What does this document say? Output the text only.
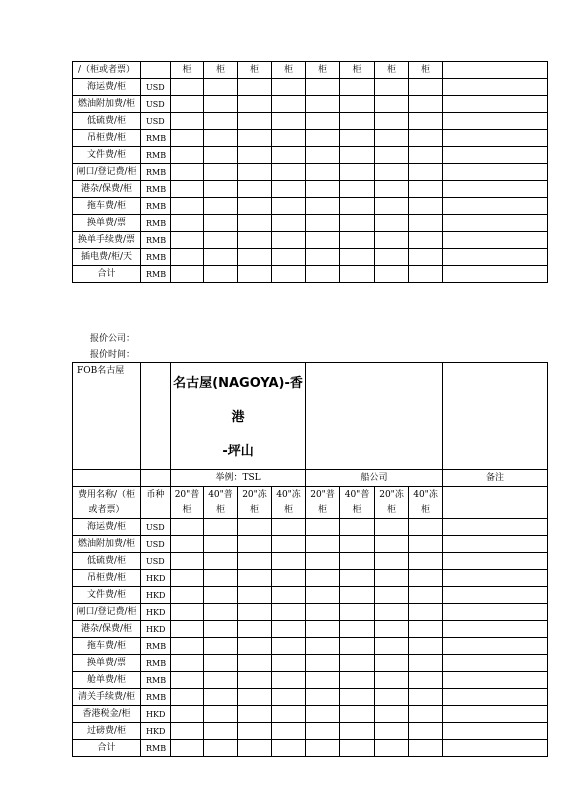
/（柜或者票）		柜	柜	柜	柜	柜	柜	柜	柜	
海运费/柜	USD									
燃油附加费/柜	USD									
低硫费/柜	USD									
吊柜费/柜	RMB									
文件费/柜	RMB									
闸口/登记费/柜	RMB									
港杂/保费/柜	RMB									
拖车费/柜	RMB									
换单费/票	RMB									
换单手续费/票	RMB									
插电费/柜/天	RMB									
合计	RMB									
报价公司：
报价时间：
FOB名古屋		名古屋(NAGOYA)-香港
-坪山								

		举例：TSL				船公司				备注
费用名称/（柜或者票）	币种	20"普柜	40"普柜	20"冻柜	40"冻柜	20"普柜	40"普柜	20"冻柜	40"冻柜	
海运费/柜	USD									
燃油附加费/柜	USD									
低硫费/柜	USD									
吊柜费/柜	HKD									
文件费/柜	HKD									
闸口/登记费/柜	HKD									
港杂/保费/柜	HKD									
拖车费/柜	RMB									
换单费/票	RMB									
舱单费/柜	RMB									
清关手续费/柜	RMB									
香港税金/柜	HKD									
过磅费/柜	HKD									
合计	RMB									
